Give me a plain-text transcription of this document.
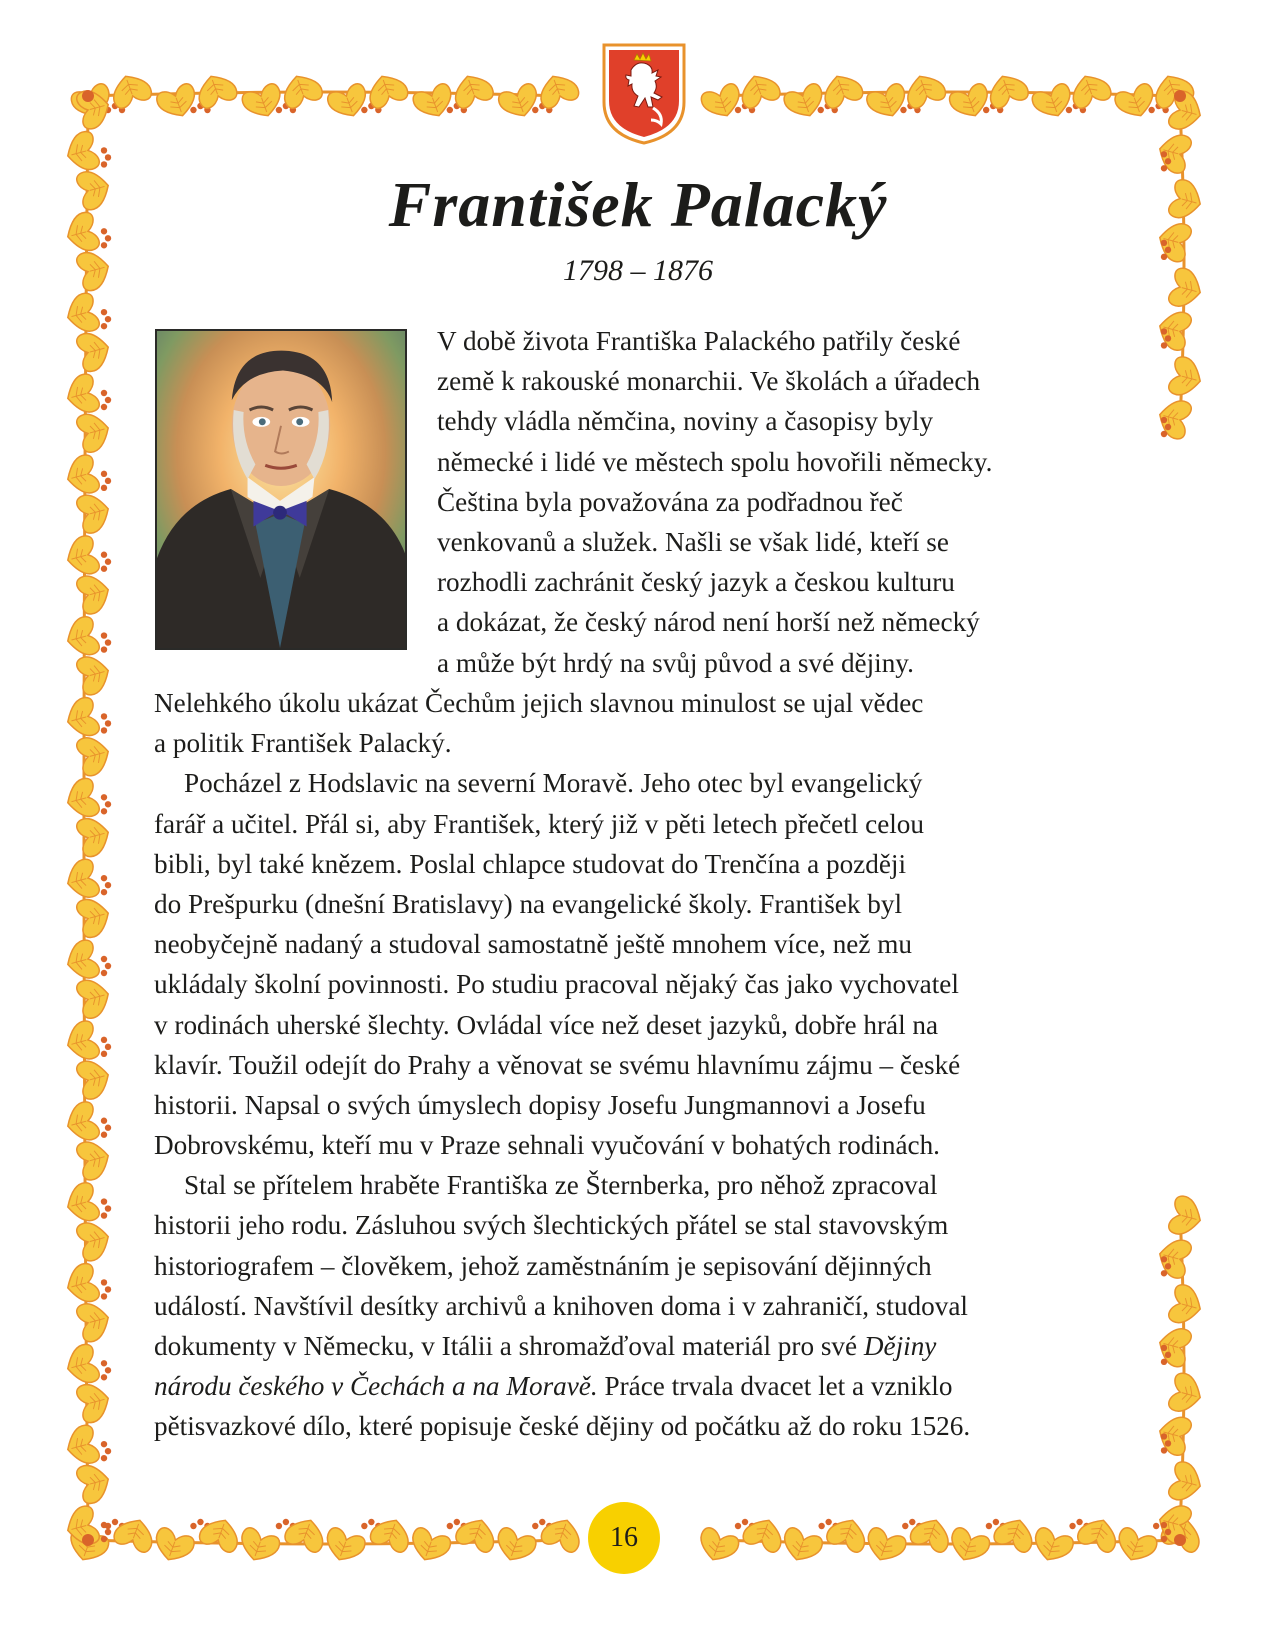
František Palacký
1798 – 1876
V době života Františka Palackého patřily české
země k rakouské monarchii. Ve školách a úřadech
tehdy vládla němčina, noviny a časopisy byly
německé i lidé ve městech spolu hovořili německy.
Čeština byla považována za podřadnou řeč
venkovanů a služek. Našli se však lidé, kteří se
rozhodli zachránit český jazyk a českou kulturu
a dokázat, že český národ není horší než německý
a může být hrdý na svůj původ a své dějiny.
Nelehkého úkolu ukázat Čechům jejich slavnou minulost se ujal vědec
a politik František Palacký.
Pocházel z Hodslavic na severní Moravě. Jeho otec byl evangelický
farář a učitel. Přál si, aby František, který již v pěti letech přečetl celou
bibli, byl také knězem. Poslal chlapce studovat do Trenčína a později
do Prešpurku (dnešní Bratislavy) na evangelické školy. František byl
neobyčejně nadaný a studoval samostatně ještě mnohem více, než mu
ukládaly školní povinnosti. Po studiu pracoval nějaký čas jako vychovatel
v rodinách uherské šlechty. Ovládal více než deset jazyků, dobře hrál na
klavír. Toužil odejít do Prahy a věnovat se svému hlavnímu zájmu – české
historii. Napsal o svých úmyslech dopisy Josefu Jungmannovi a Josefu
Dobrovskému, kteří mu v Praze sehnali vyučování v bohatých rodinách.
Stal se přítelem hraběte Františka ze Šternberka, pro něhož zpracoval
historii jeho rodu. Zásluhou svých šlechtických přátel se stal stavovským
historiografem – člověkem, jehož zaměstnáním je sepisování dějinných
událostí. Navštívil desítky archivů a knihoven doma i v zahraničí, studoval
dokumenty v Německu, v Itálii a shromažďoval materiál pro své Dějiny
národu českého v Čechách a na Moravě. Práce trvala dvacet let a vzniklo
pětisvazkové dílo, které popisuje české dějiny od počátku až do roku 1526.
16
